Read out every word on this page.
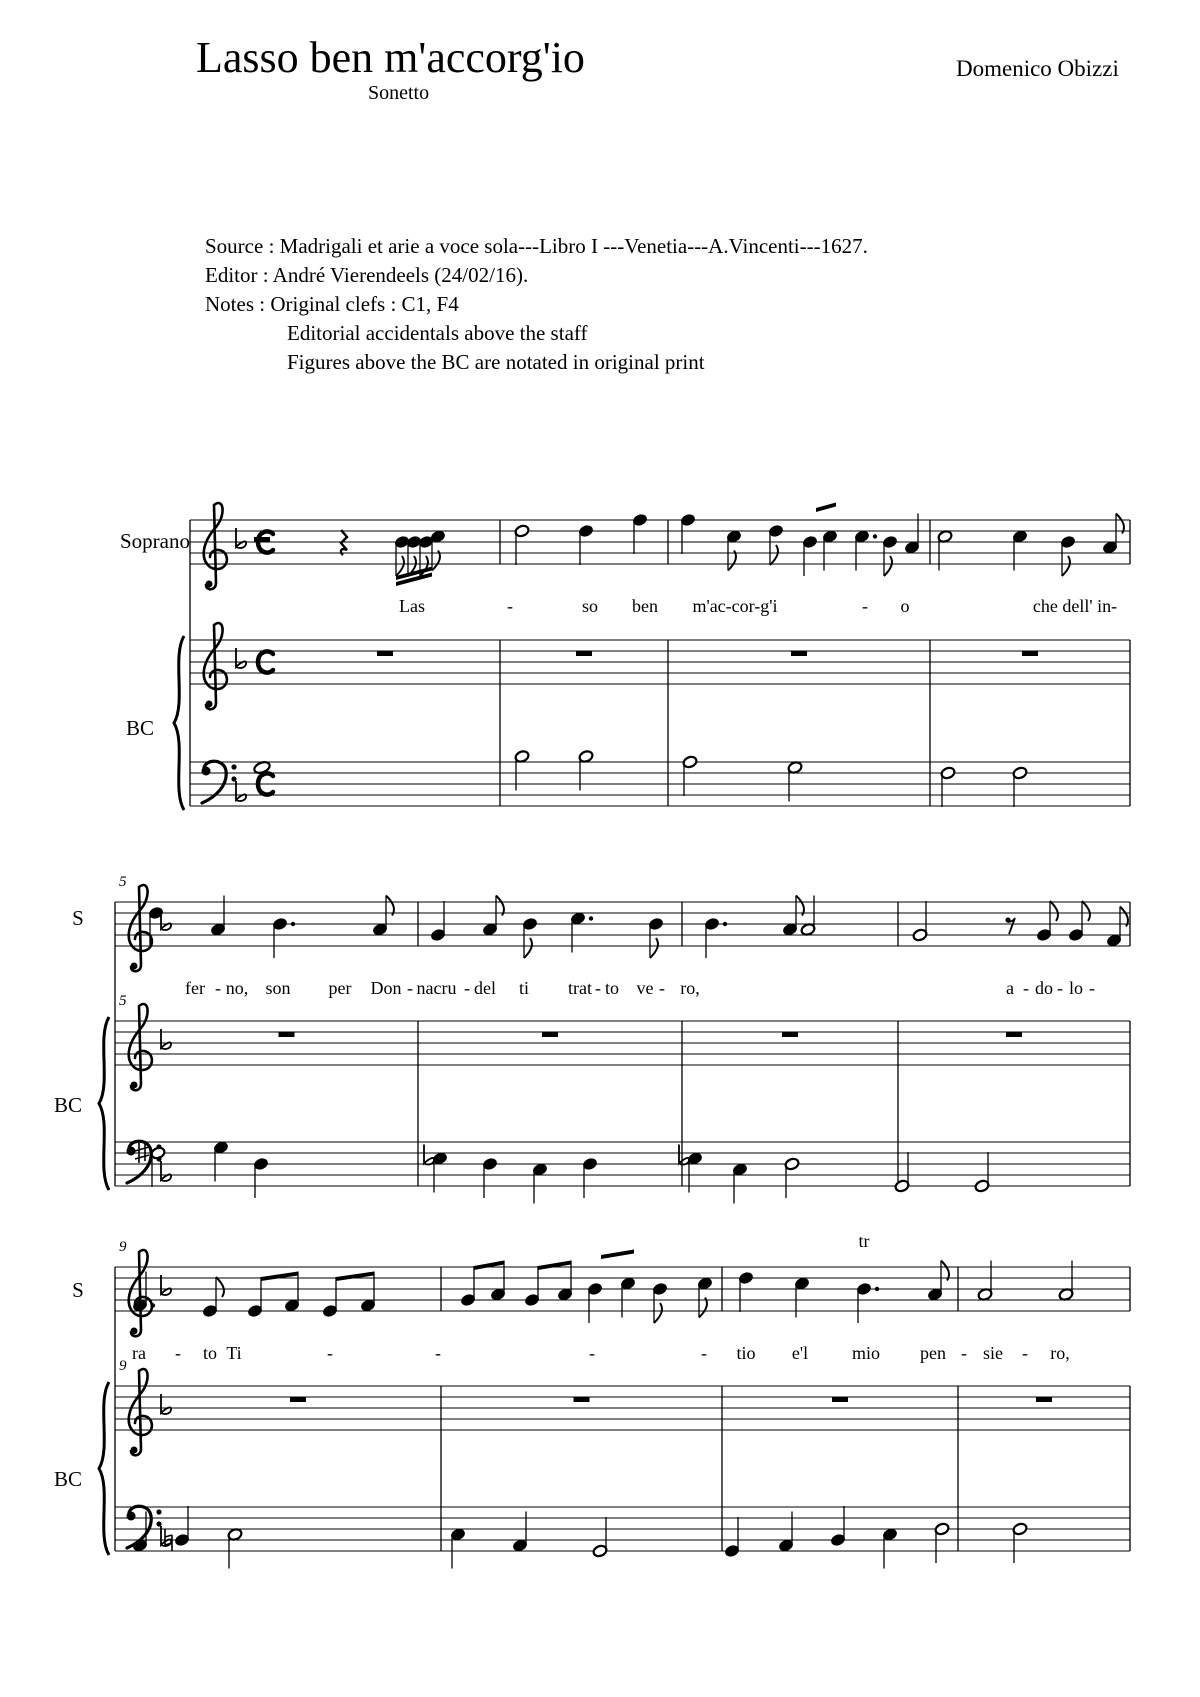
Lasso ben m'accorg'io
Sonetto
Domenico Obizzi
Source : Madrigali et arie a voce sola---Libro I ---Venetia---A.Vincenti---1627.
Editor : André Vierendeels (24/02/16).
Notes : Original clefs : C1, F4
Editorial accidentals above the staff
Figures above the BC are notated in original print
Soprano
BC
Las	-	so ben m'ac-cor-g'i	- o	che dell' in-
S
BC
5
5
fer - no, son per Don - na cru - del ti trat - to ve - ro,	a - do - lo -
S
BC
9
9
tr
ra - to Ti	-	-	-	- tio e'l mio pen - sie - ro,
